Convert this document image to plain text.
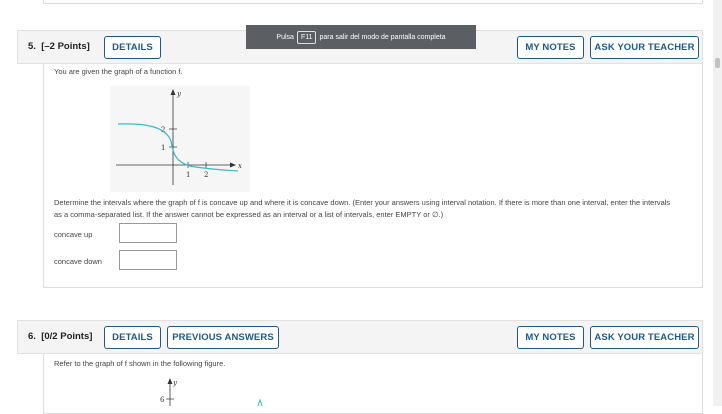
5. [–2 Points]	DETAILS	MY NOTES	ASK YOUR TEACHER
You are given the graph of a function f.
y
x
2
1
1 2
Determine the intervals where the graph of f is concave up and where it is concave down. (Enter your answers using interval notation. If there is more than one interval, enter the intervals as a comma-separated list. If the answer cannot be expressed as an interval or a list of intervals, enter EMPTY or ∅.)
concave up
concave down
6. [0/2 Points]	DETAILS	PREVIOUS ANSWERS	MY NOTES	ASK YOUR TEACHER
Refer to the graph of f shown in the following figure.
y
6
Pulsa	F11	para salir del modo de pantalla completa
